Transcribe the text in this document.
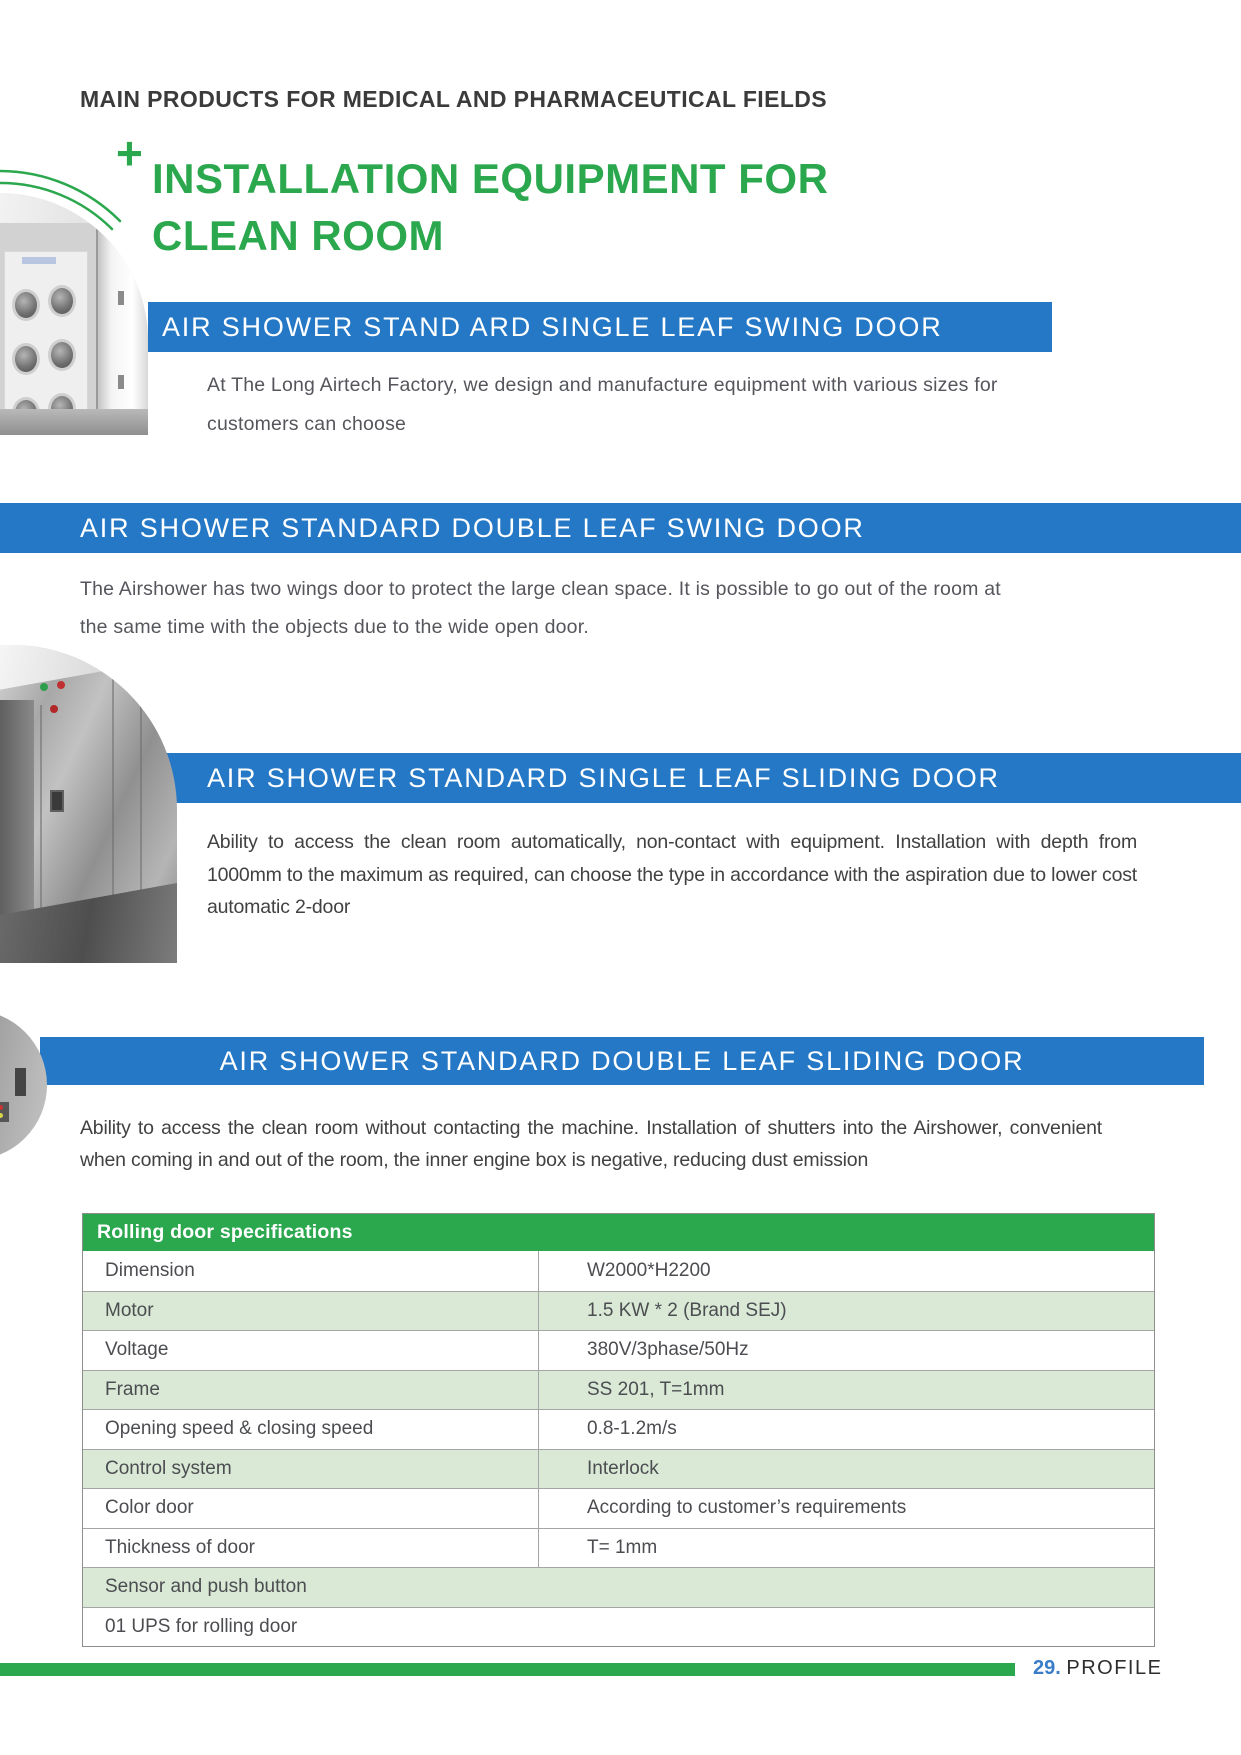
MAIN PRODUCTS FOR MEDICAL AND PHARMACEUTICAL FIELDS
+ INSTALLATION EQUIPMENT FOR
CLEAN ROOM
AIR SHOWER STAND ARD SINGLE LEAF SWING DOOR
At The Long Airtech Factory, we design and manufacture equipment with various sizes for customers can choose
AIR SHOWER STANDARD DOUBLE LEAF SWING DOOR
The Airshower has two wings door to protect the large clean space. It is possible to go out of the room at the same time with the objects due to the wide open door.
AIR SHOWER STANDARD SINGLE LEAF SLIDING DOOR
Ability to access the clean room automatically, non-contact with equipment. Installation with depth from 1000mm to the maximum as required, can choose the type in accordance with the aspiration due to lower cost automatic 2-door
AIR SHOWER STANDARD DOUBLE LEAF SLIDING DOOR
Ability to access the clean room without contacting the machine. Installation of shutters into the Airshower, convenient when coming in and out of the room, the inner engine box is negative, reducing dust emission
Rolling door specifications
Dimension	W2000*H2200
Motor	1.5 KW * 2 (Brand SEJ)
Voltage	380V/3phase/50Hz
Frame	SS 201, T=1mm
Opening speed & closing speed	0.8-1.2m/s
Control system	Interlock
Color door	According to customer’s requirements
Thickness of door	T= 1mm
Sensor and push button
01 UPS for rolling door
29. PROFILE
